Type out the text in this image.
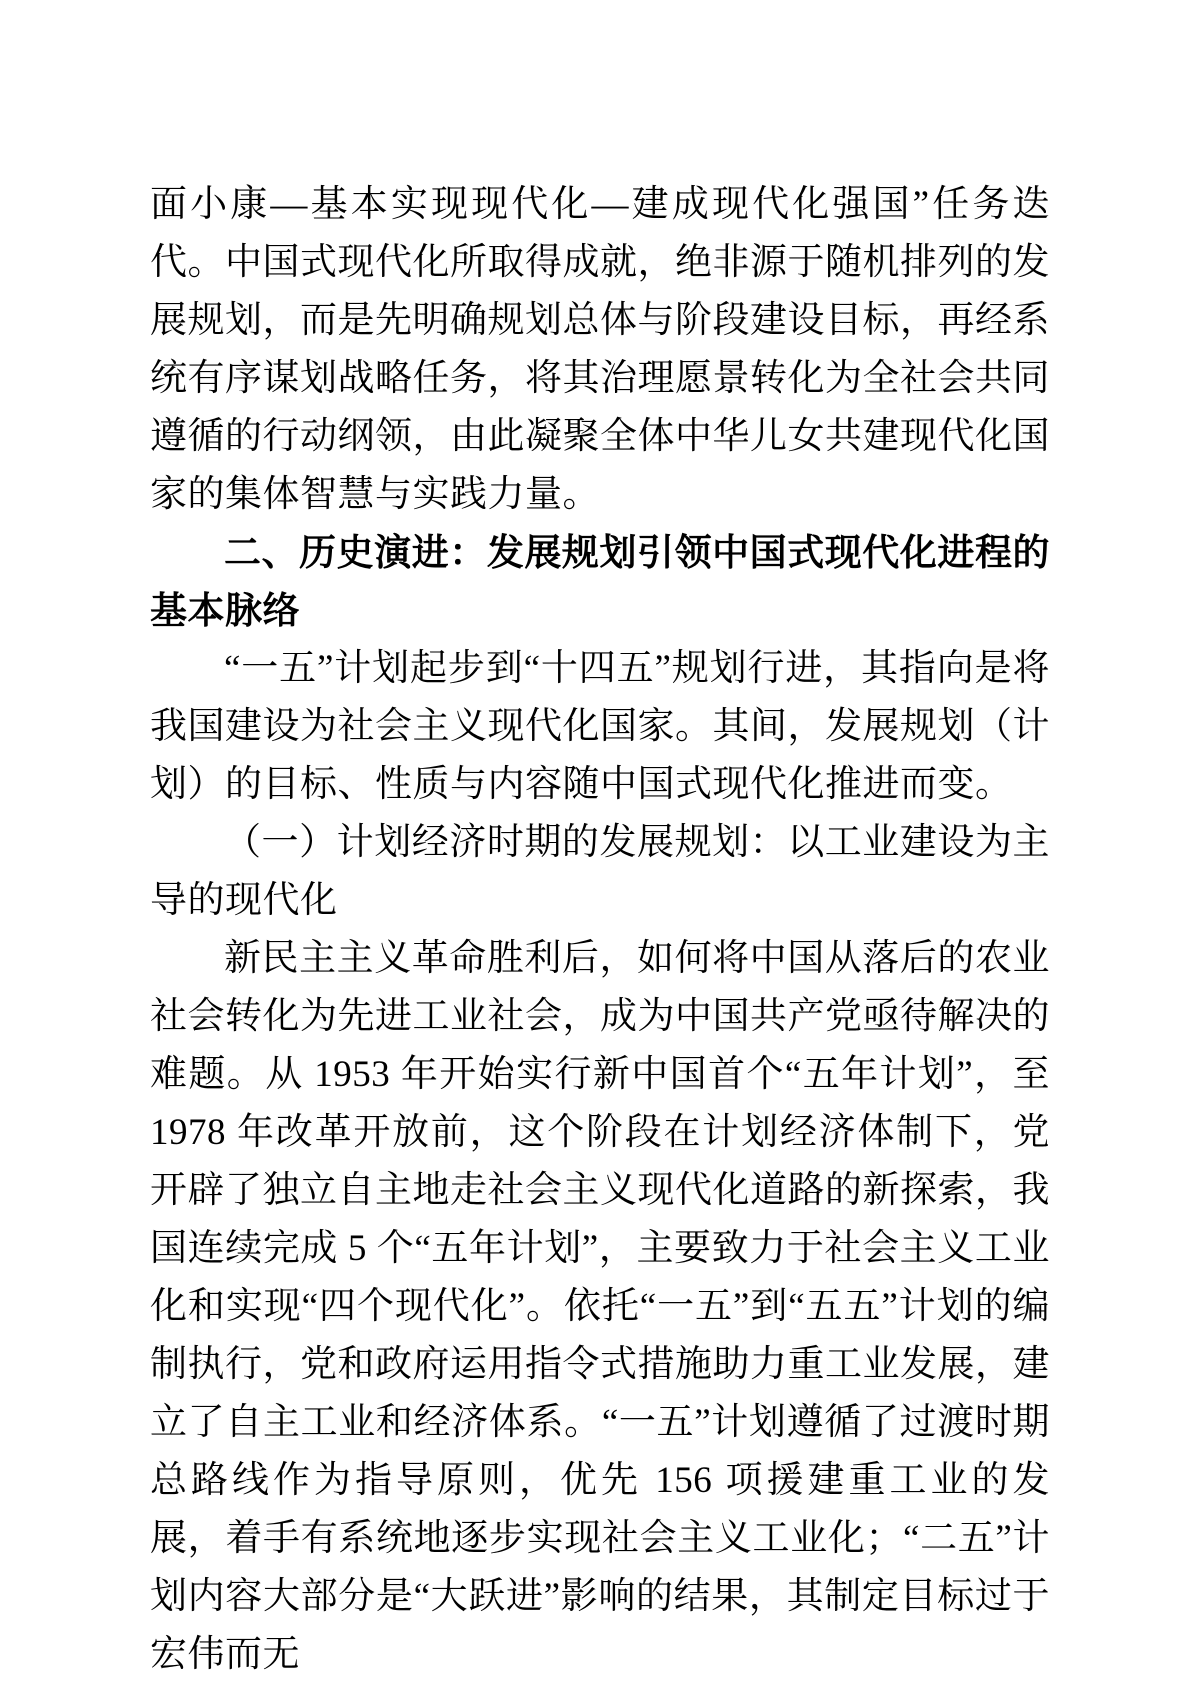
面小康—基本实现现代化—建成现代化强国”任务迭代。中国式现代化所取得成就，绝非源于随机排列的发展规划，而是先明确规划总体与阶段建设目标，再经系统有序谋划战略任务，将其治理愿景转化为全社会共同遵循的行动纲领，由此凝聚全体中华儿女共建现代化国家的集体智慧与实践力量。

二、历史演进：发展规划引领中国式现代化进程的基本脉络

“一五”计划起步到“十四五”规划行进，其指向是将我国建设为社会主义现代化国家。其间，发展规划（计划）的目标、性质与内容随中国式现代化推进而变。

（一）计划经济时期的发展规划：以工业建设为主导的现代化

新民主主义革命胜利后，如何将中国从落后的农业社会转化为先进工业社会，成为中国共产党亟待解决的难题。从 1953 年开始实行新中国首个“五年计划”，至 1978 年改革开放前，这个阶段在计划经济体制下，党开辟了独立自主地走社会主义现代化道路的新探索，我国连续完成 5 个“五年计划”，主要致力于社会主义工业化和实现“四个现代化”。依托“一五”到“五五”计划的编制执行，党和政府运用指令式措施助力重工业发展，建立了自主工业和经济体系。“一五”计划遵循了过渡时期总路线作为指导原则，优先 156 项援建重工业的发展，着手有系统地逐步实现社会主义工业化；“二五”计划内容大部分是“大跃进”影响的结果，其制定目标过于宏伟而无
